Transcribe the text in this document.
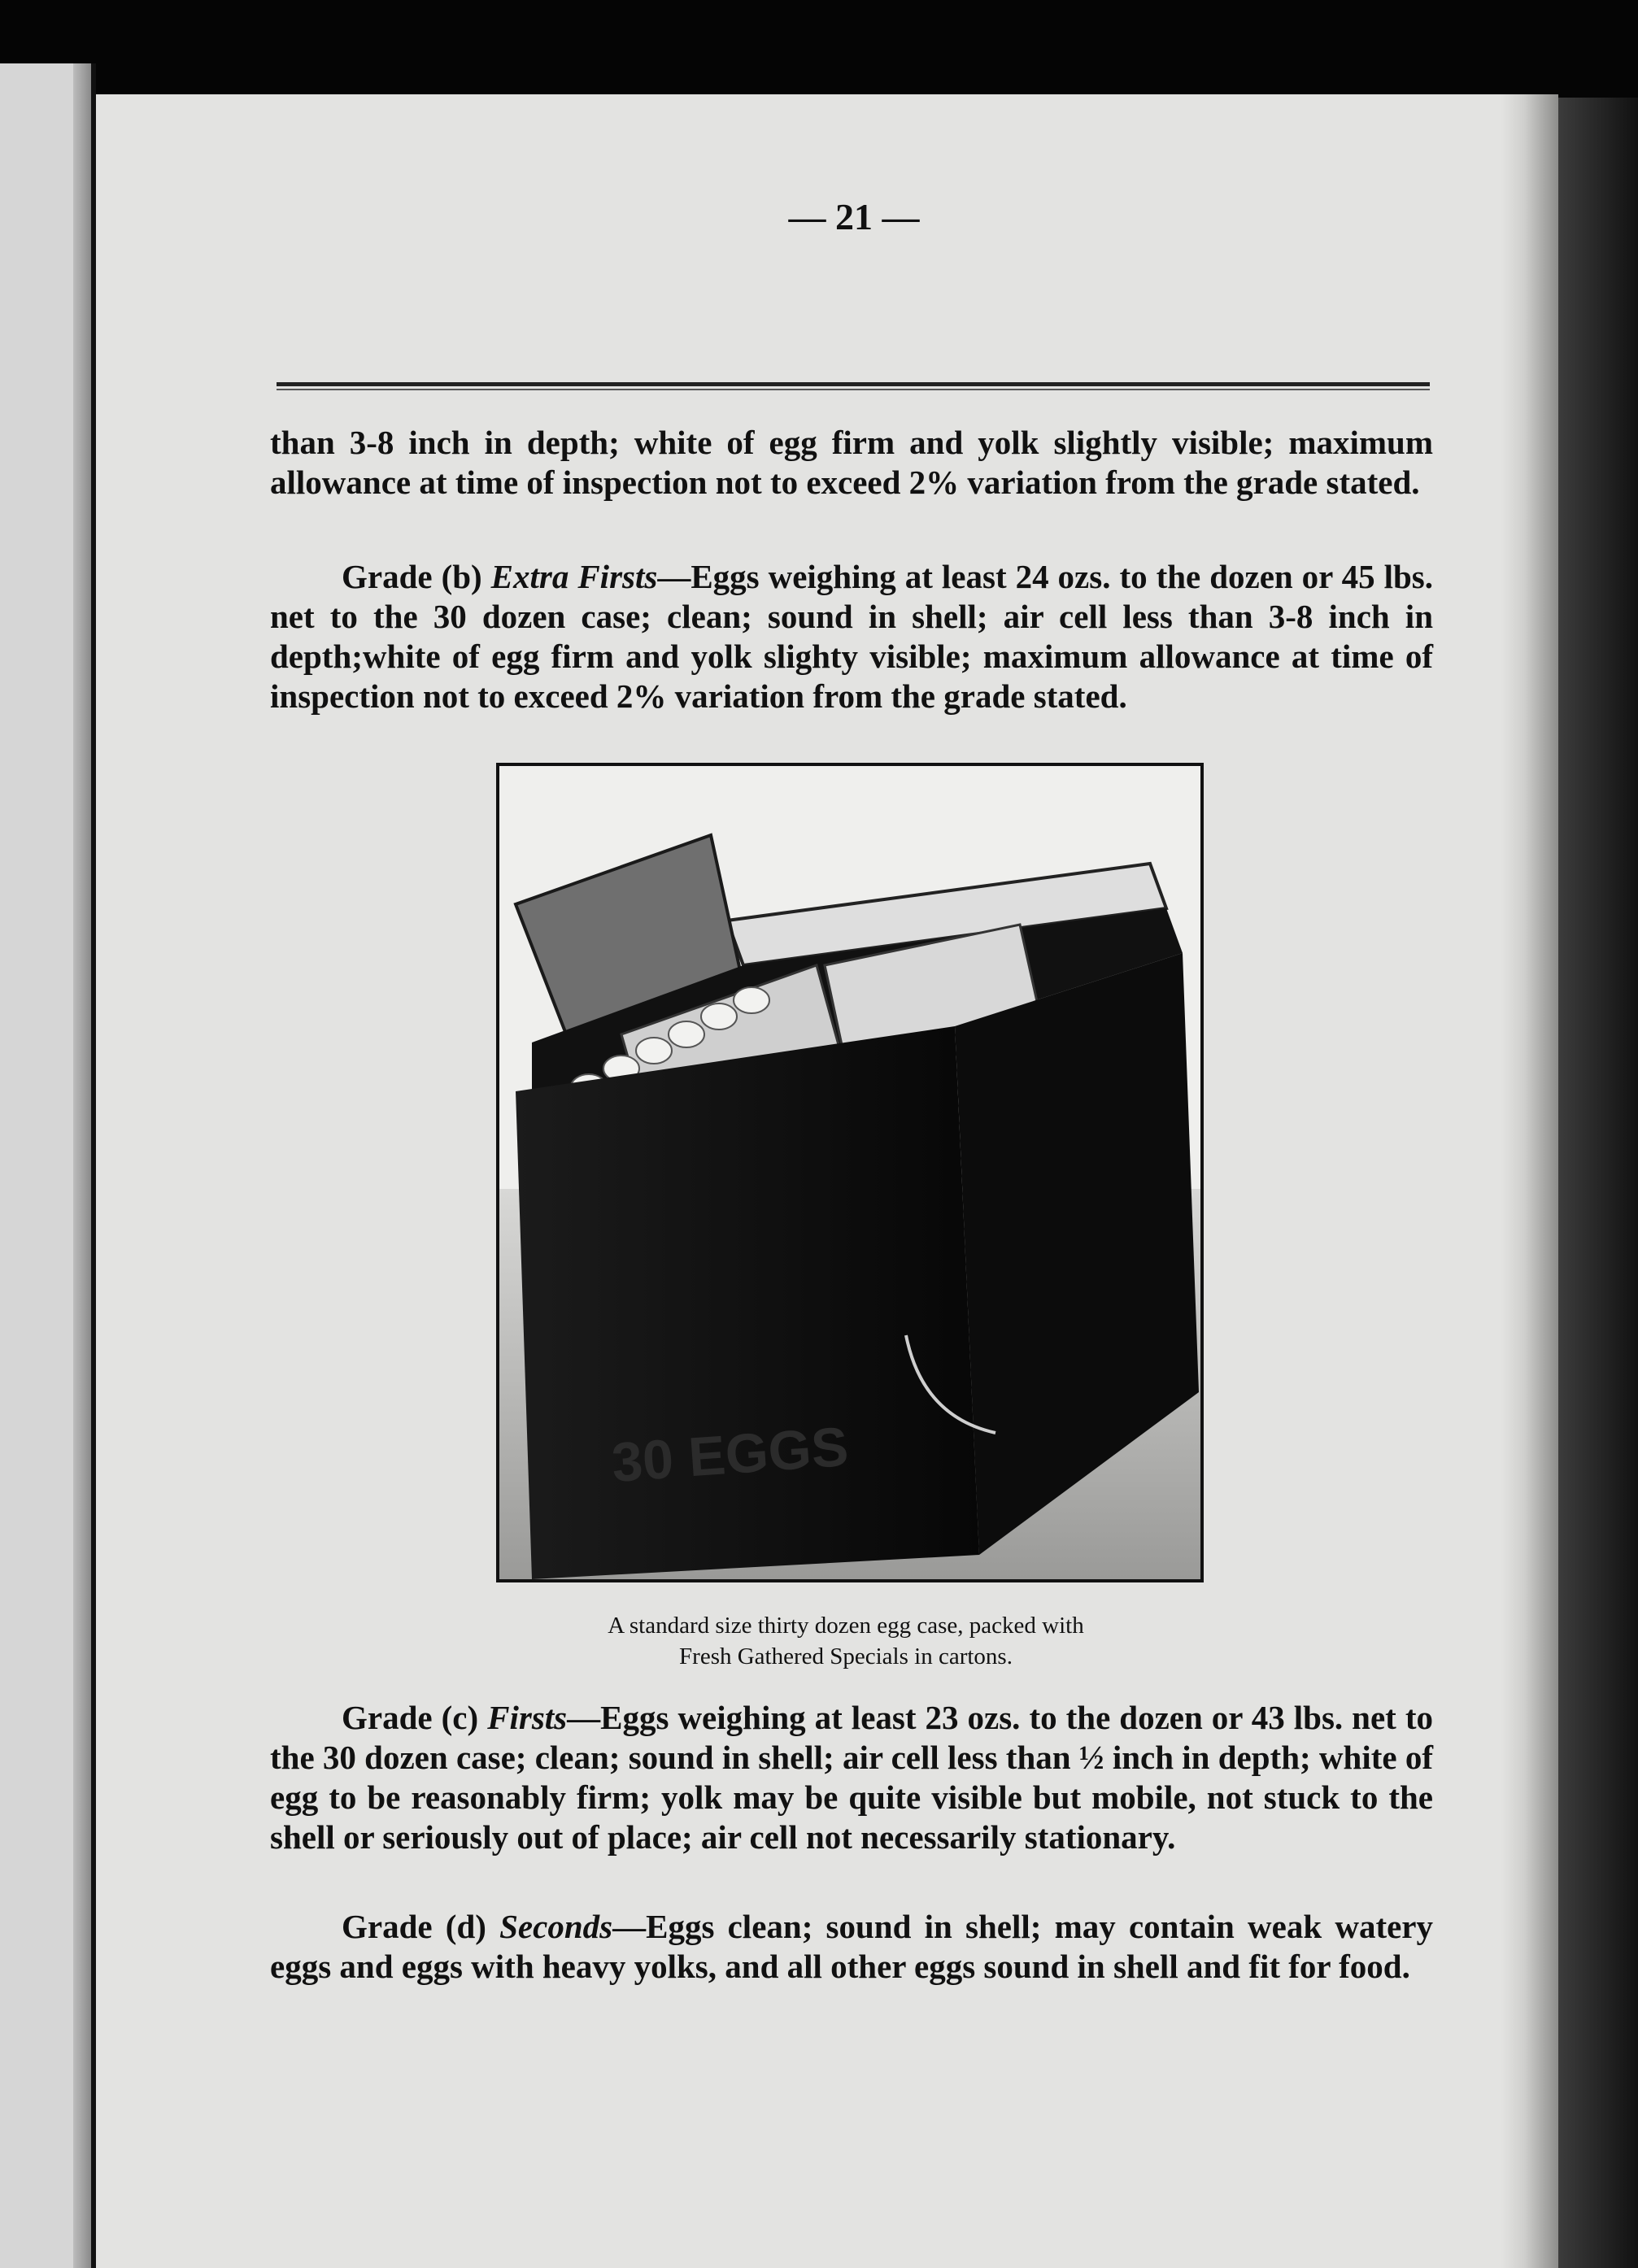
— 21 —
than 3-8 inch in depth; white of egg firm and yolk slightly visible; maximum allowance at time of inspection not to exceed 2% variation from the grade stated.
Grade (b) Extra Firsts—Eggs weighing at least 24 ozs. to the dozen or 45 lbs. net to the 30 dozen case; clean; sound in shell; air cell less than 3-8 inch in depth;white of egg firm and yolk slighty visible; maximum allowance at time of inspection not to exceed 2% variation from the grade stated.
30 EGGS
A standard size thirty dozen egg case, packed with
Fresh Gathered Specials in cartons.
Grade (c) Firsts—Eggs weighing at least 23 ozs. to the dozen or 43 lbs. net to the 30 dozen case; clean; sound in shell; air cell less than ½ inch in depth; white of egg to be reasonably firm; yolk may be quite visible but mobile, not stuck to the shell or seriously out of place; air cell not necessarily stationary.
Grade (d) Seconds—Eggs clean; sound in shell; may contain weak watery eggs and eggs with heavy yolks, and all other eggs sound in shell and fit for food.
